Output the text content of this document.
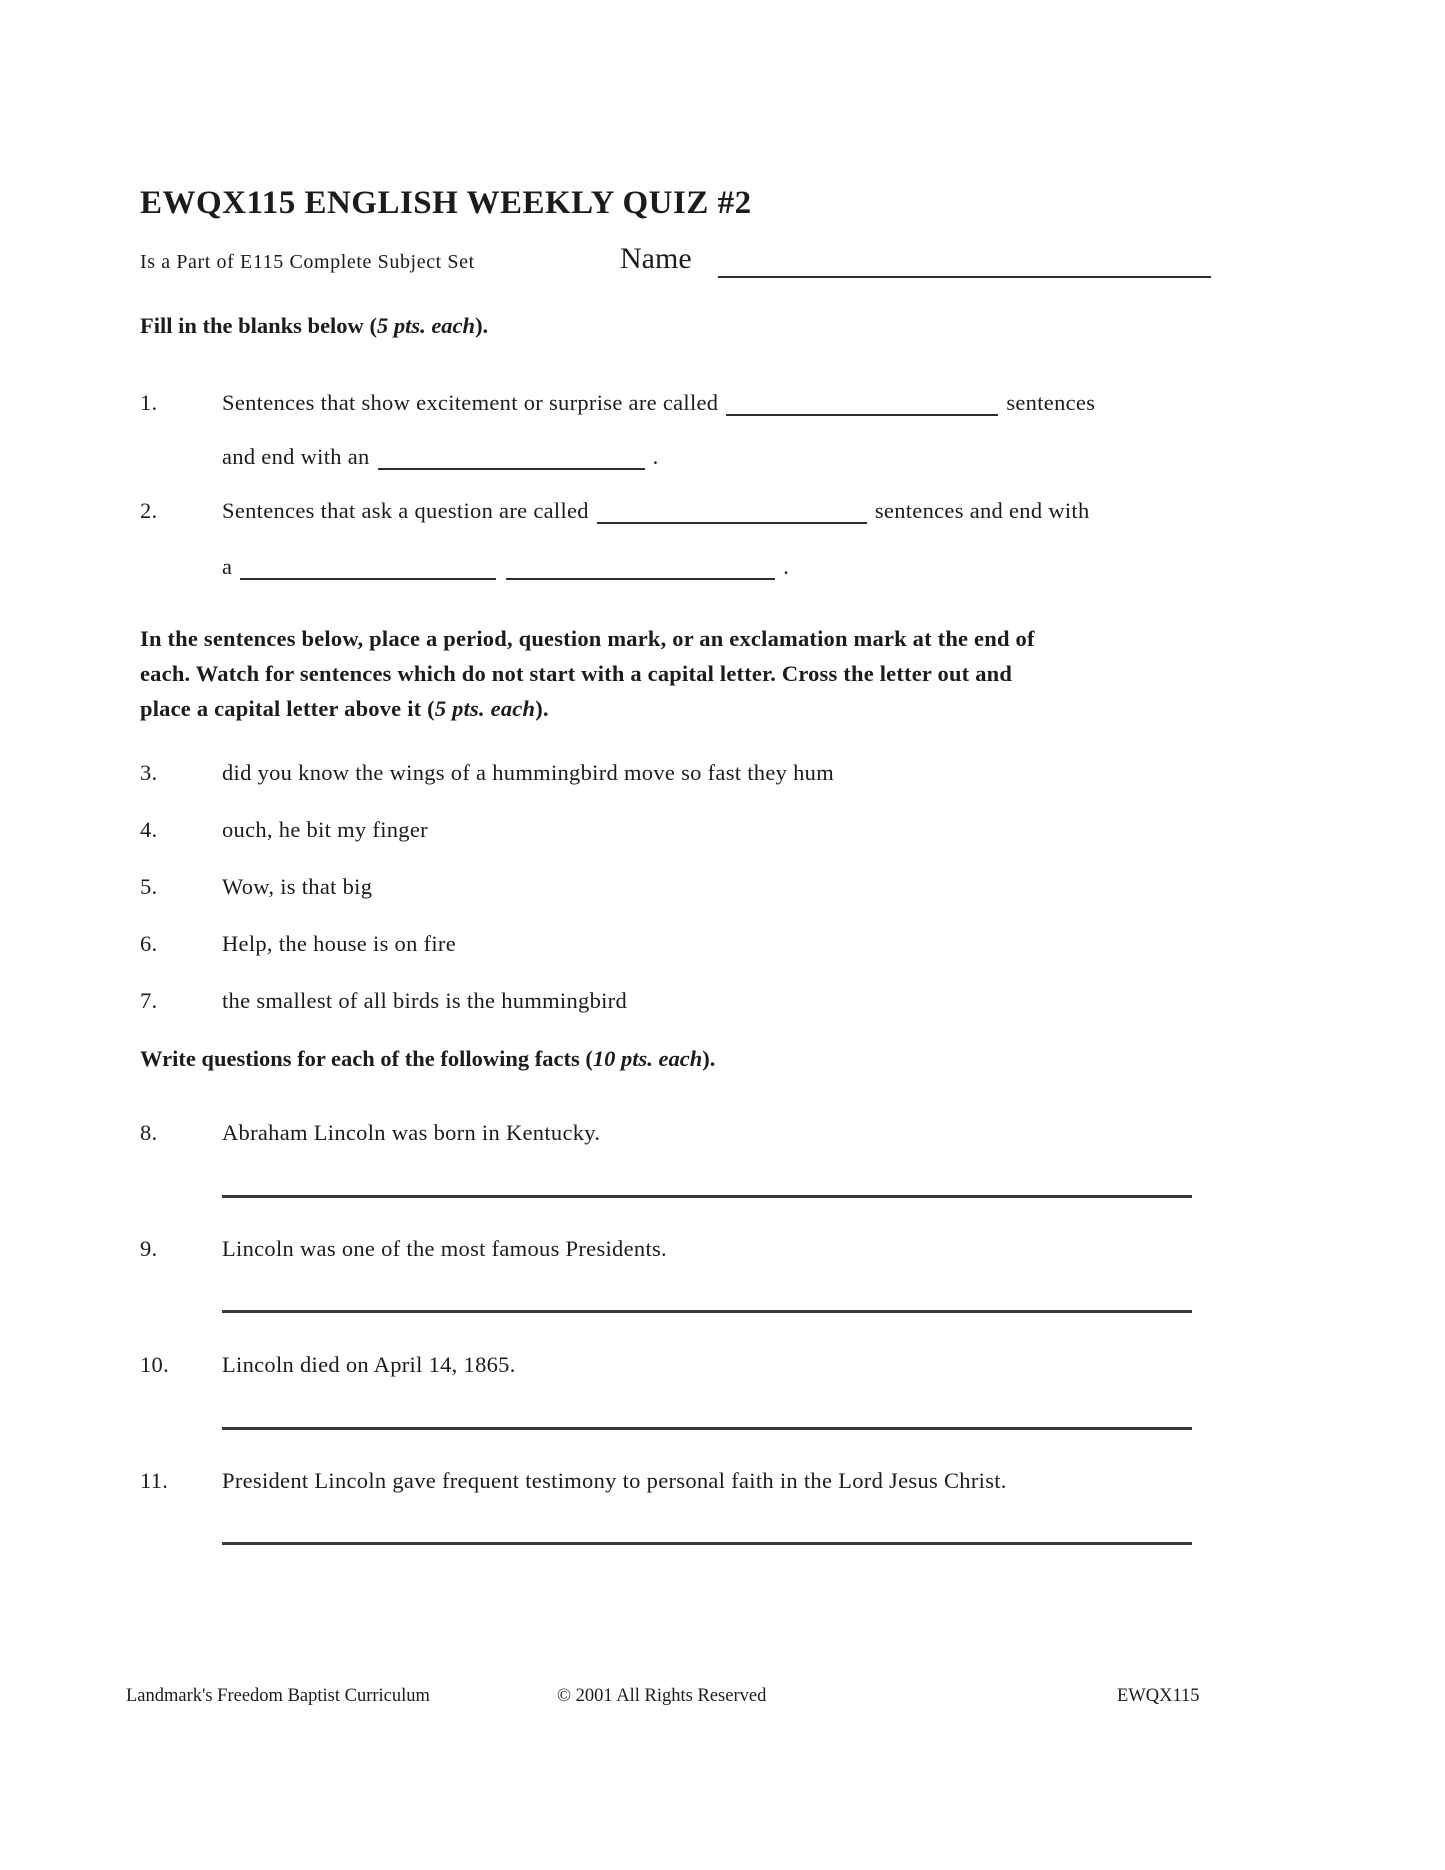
EWQX115 ENGLISH WEEKLY QUIZ #2
Is a Part of E115 Complete Subject Set	Name
Fill in the blanks below (5 pts. each).
1.	Sentences that show excitement or surprise are called	sentences
and end with an	.
2.	Sentences that ask a question are called	sentences and end with
a	.
In the sentences below, place a period, question mark, or an exclamation mark at the end of
each. Watch for sentences which do not start with a capital letter. Cross the letter out and
place a capital letter above it (5 pts. each).
3.	did you know the wings of a hummingbird move so fast they hum
4.	ouch, he bit my finger
5.	Wow, is that big
6.	Help, the house is on fire
7.	the smallest of all birds is the hummingbird
Write questions for each of the following facts (10 pts. each).
8.	Abraham Lincoln was born in Kentucky.
9.	Lincoln was one of the most famous Presidents.
10. Lincoln died on April 14, 1865.
11. President Lincoln gave frequent testimony to personal faith in the Lord Jesus Christ.
Landmark's Freedom Baptist Curriculum	© 2001 All Rights Reserved	EWQX115
